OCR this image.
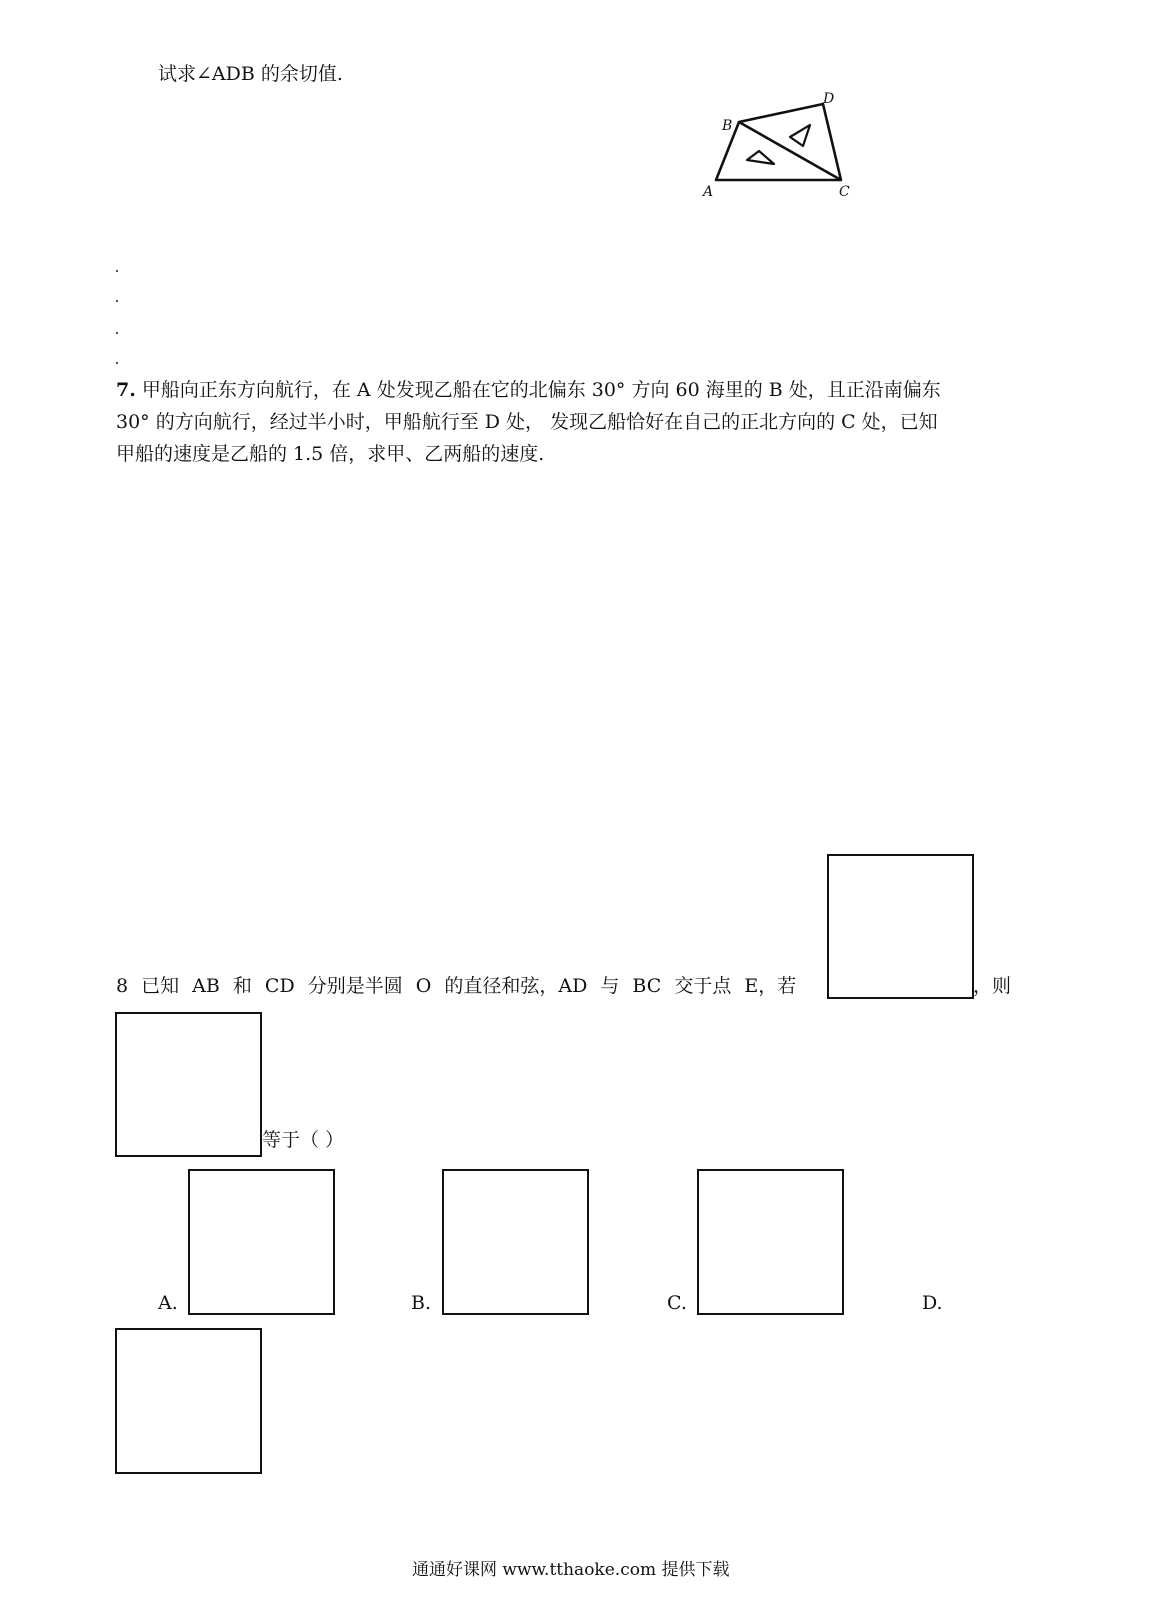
试求∠ADB 的余切值.
A
B
D
C
7. 甲船向正东方向航行，在 A 处发现乙船在它的北偏东 30° 方向 60 海里的 B 处，且正沿南偏东
30° 的方向航行，经过半小时，甲船航行至 D 处， 发现乙船恰好在自己的正北方向的 C 处，已知
甲船的速度是乙船的 1.5 倍，求甲、乙两船的速度.
8 已知 AB 和 CD 分别是半圆 O 的直径和弦，AD 与 BC 交于点 E，若	，则
等于（ ）
A.	B.	C.	D.
通通好课网 www.tthaoke.com 提供下载
